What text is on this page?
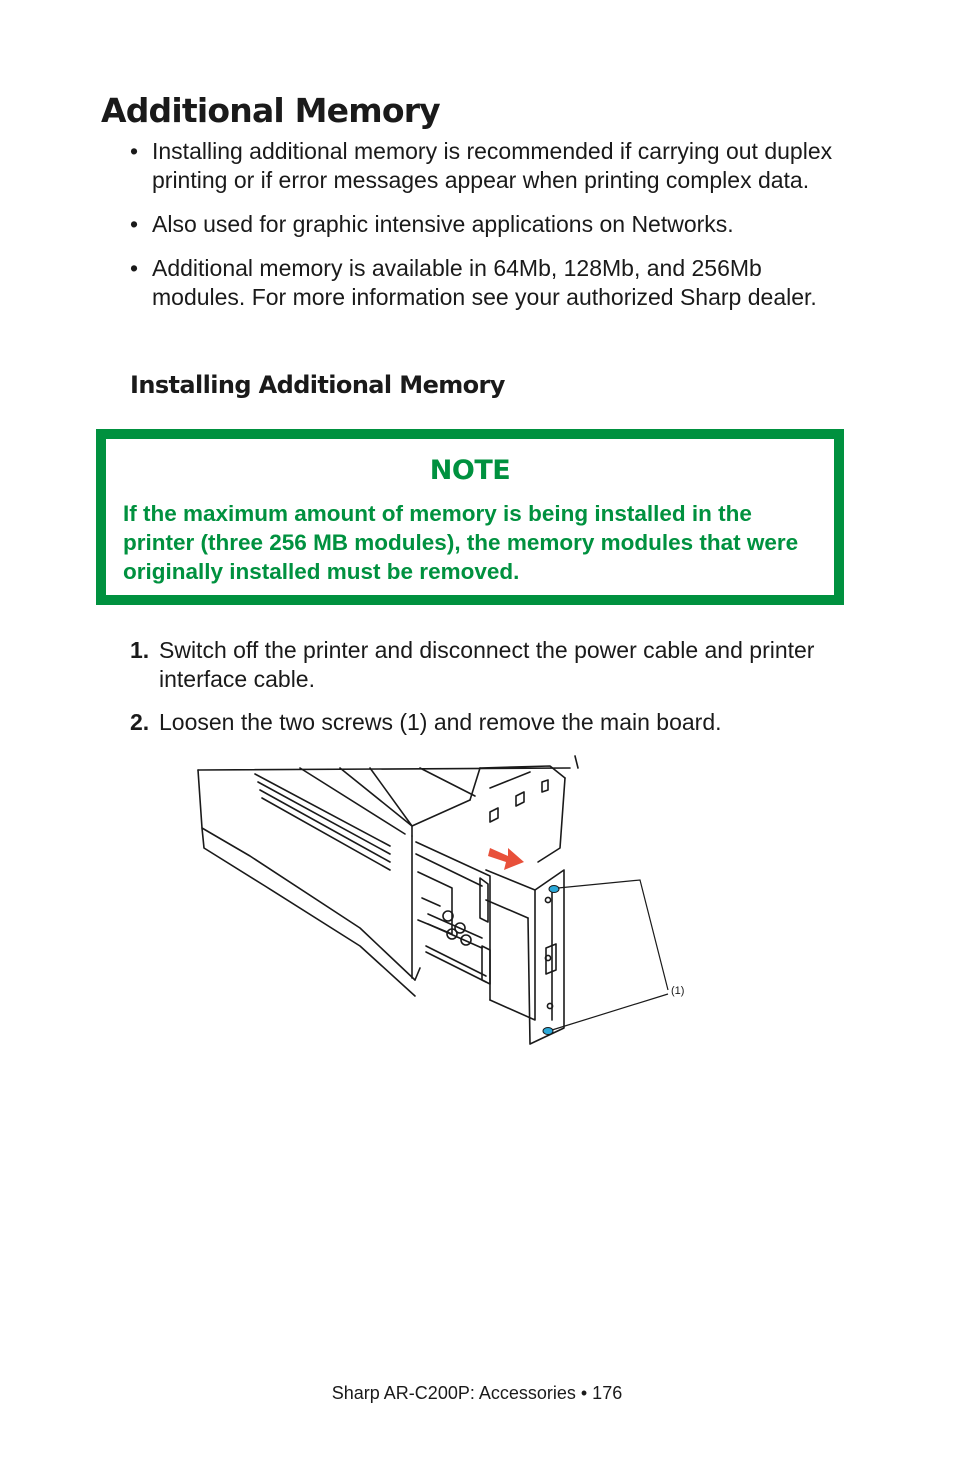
Additional Memory
• Installing additional memory is recommended if carrying out duplex printing or if error messages appear when printing complex data.
• Also used for graphic intensive applications on Networks.
• Additional memory is available in 64Mb, 128Mb, and 256Mb modules. For more information see your authorized Sharp dealer.
Installing Additional Memory
NOTE

If the maximum amount of memory is being installed in the printer (three 256 MB modules), the memory modules that were originally installed must be removed.

1. Switch off the printer and disconnect the power cable and printer interface cable.
2. Loosen the two screws (1) and remove the main board.
(1)
Sharp AR-C200P: Accessories • 176
